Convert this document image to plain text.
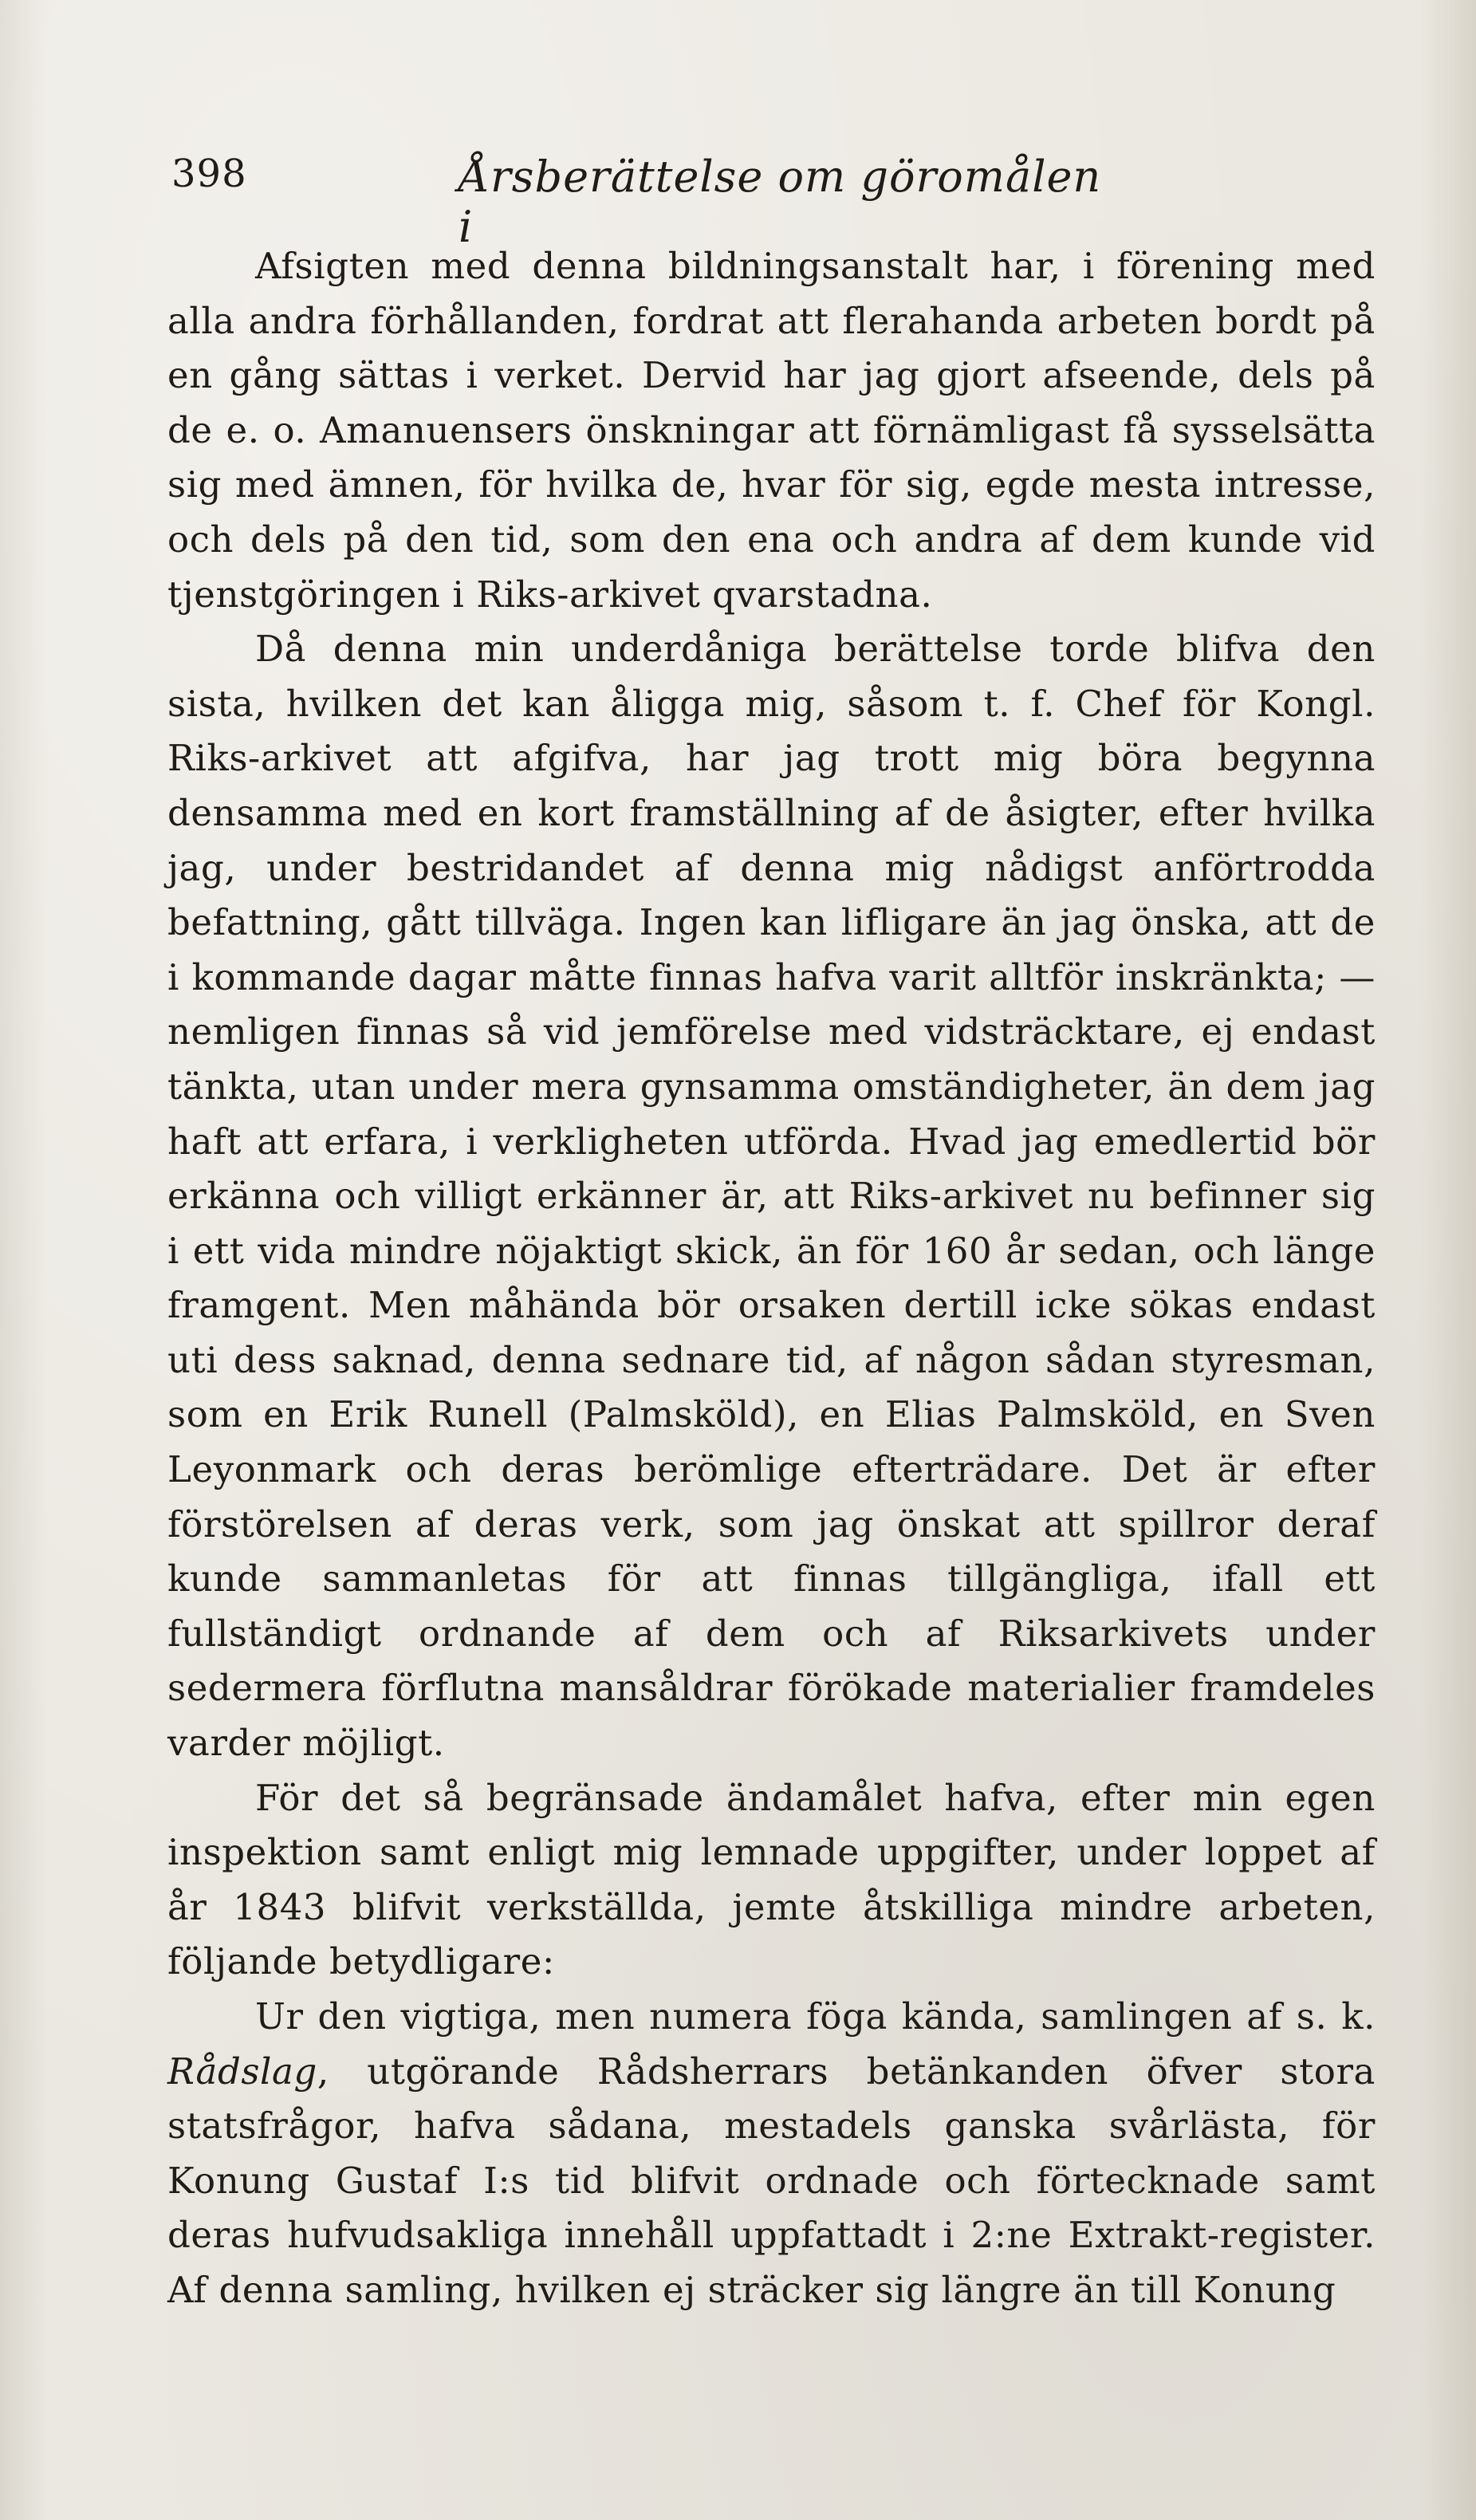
398	Årsberättelse om göromålen i

Afsigten med denna bildningsanstalt har, i förening med alla andra förhållanden, fordrat att flerahanda arbeten bordt på en gång sättas i verket. Dervid har jag gjort afseende, dels på de e. o. Amanuensers önskningar att förnämligast få sysselsätta sig med ämnen, för hvilka de, hvar för sig, egde mesta intresse, och dels på den tid, som den ena och andra af dem kunde vid tjenstgöringen i Riks-arkivet qvarstadna.

Då denna min underdåniga berättelse torde blifva den sista, hvilken det kan åligga mig, såsom t. f. Chef för Kongl. Riks-arkivet att afgifva, har jag trott mig böra begynna densamma med en kort framställning af de åsigter, efter hvilka jag, under bestridandet af denna mig nådigst anförtrodda befattning, gått tillväga. Ingen kan lifligare än jag önska, att de i kommande dagar måtte finnas hafva varit alltför inskränkta; — nemligen finnas så vid jemförelse med vidsträcktare, ej endast tänkta, utan under mera gynsamma omständigheter, än dem jag haft att erfara, i verkligheten utförda. Hvad jag emedlertid bör erkänna och villigt erkänner är, att Riks-arkivet nu befinner sig i ett vida mindre nöjaktigt skick, än för 160 år sedan, och länge framgent. Men måhända bör orsaken dertill icke sökas endast uti dess saknad, denna sednare tid, af någon sådan styresman, som en Erik Runell (Palmsköld), en Elias Palmsköld, en Sven Leyonmark och deras berömlige efterträdare. Det är efter förstörelsen af deras verk, som jag önskat att spillror deraf kunde sammanletas för att finnas tillgängliga, ifall ett fullständigt ordnande af dem och af Riksarkivets under sedermera förflutna mansåldrar förökade materialier framdeles varder möjligt.

För det så begränsade ändamålet hafva, efter min egen inspektion samt enligt mig lemnade uppgifter, under loppet af år 1843 blifvit verkställda, jemte åtskilliga mindre arbeten, följande betydligare:

Ur den vigtiga, men numera föga kända, samlingen af s. k. Rådslag, utgörande Rådsherrars betänkanden öfver stora statsfrågor, hafva sådana, mestadels ganska svårlästa, för Konung Gustaf I:s tid blifvit ordnade och förtecknade samt deras hufvudsakliga innehåll uppfattadt i 2:ne Extrakt-register. Af denna samling, hvilken ej sträcker sig längre än till Konung
